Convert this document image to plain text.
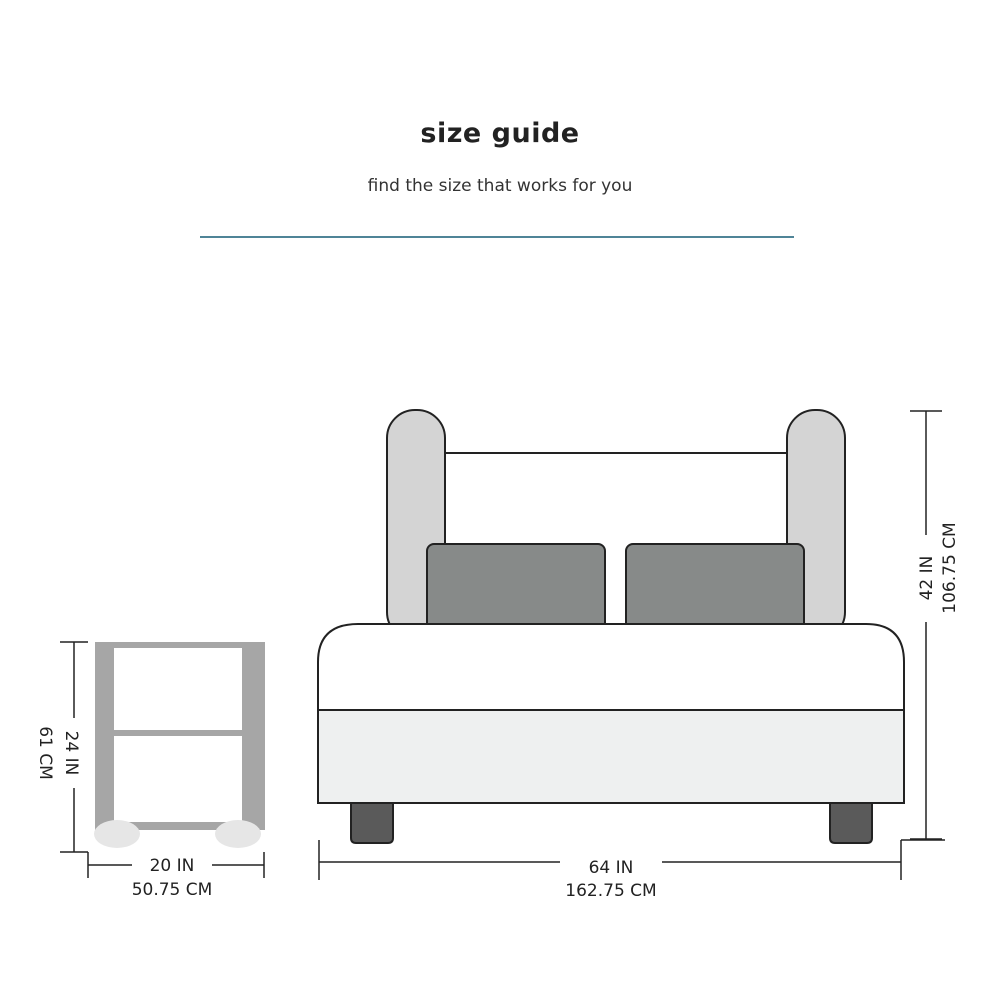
size guide
find the size that works for you
24 IN
61 CM
20 IN
50.75 CM
64 IN
162.75 CM
42 IN 106.75 CM
